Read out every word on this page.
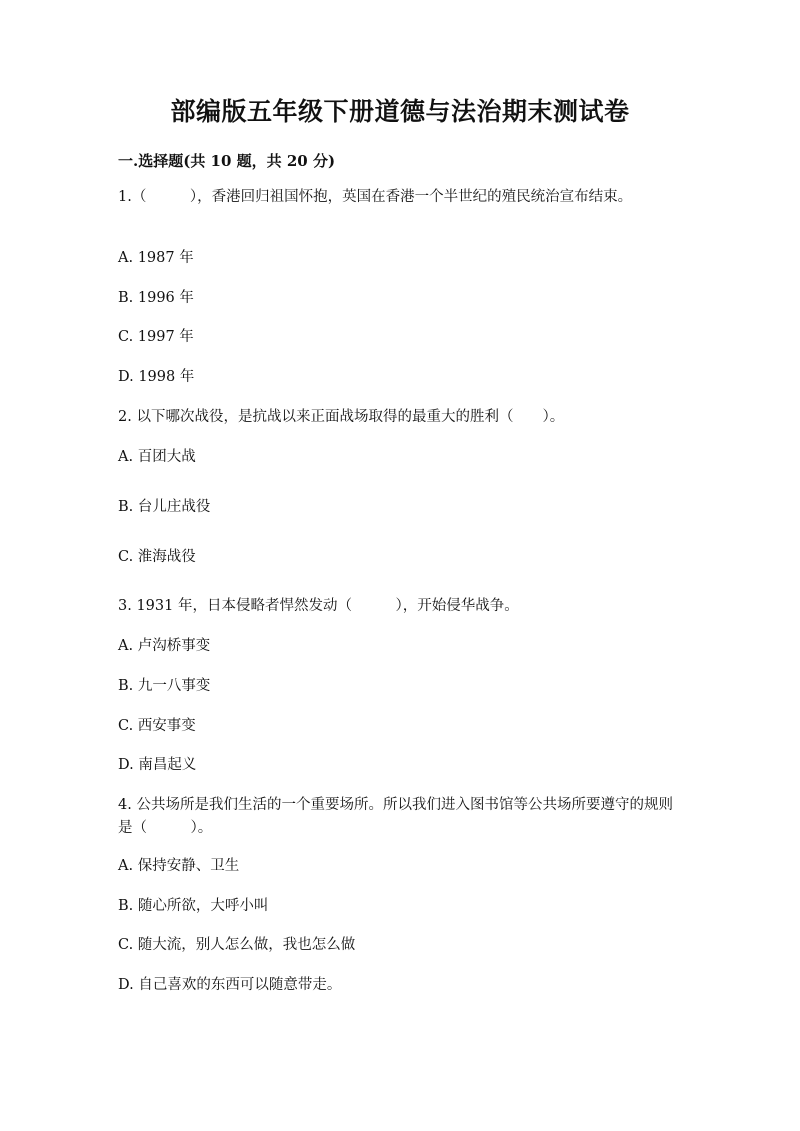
部编版五年级下册道德与法治期末测试卷
一.选择题(共 10 题，共 20 分)
1.（　　　），香港回归祖国怀抱，英国在香港一个半世纪的殖民统治宣布结束。
A. 1987 年
B. 1996 年
C. 1997 年
D. 1998 年
2. 以下哪次战役，是抗战以来正面战场取得的最重大的胜利（　　）。
A. 百团大战
B. 台儿庄战役
C. 淮海战役
3. 1931 年，日本侵略者悍然发动（　　　），开始侵华战争。
A. 卢沟桥事变
B. 九一八事变
C. 西安事变
D. 南昌起义
4. 公共场所是我们生活的一个重要场所。所以我们进入图书馆等公共场所要遵守的规则是（　　　）。
A. 保持安静、卫生
B. 随心所欲，大呼小叫
C. 随大流，别人怎么做，我也怎么做
D. 自己喜欢的东西可以随意带走。
